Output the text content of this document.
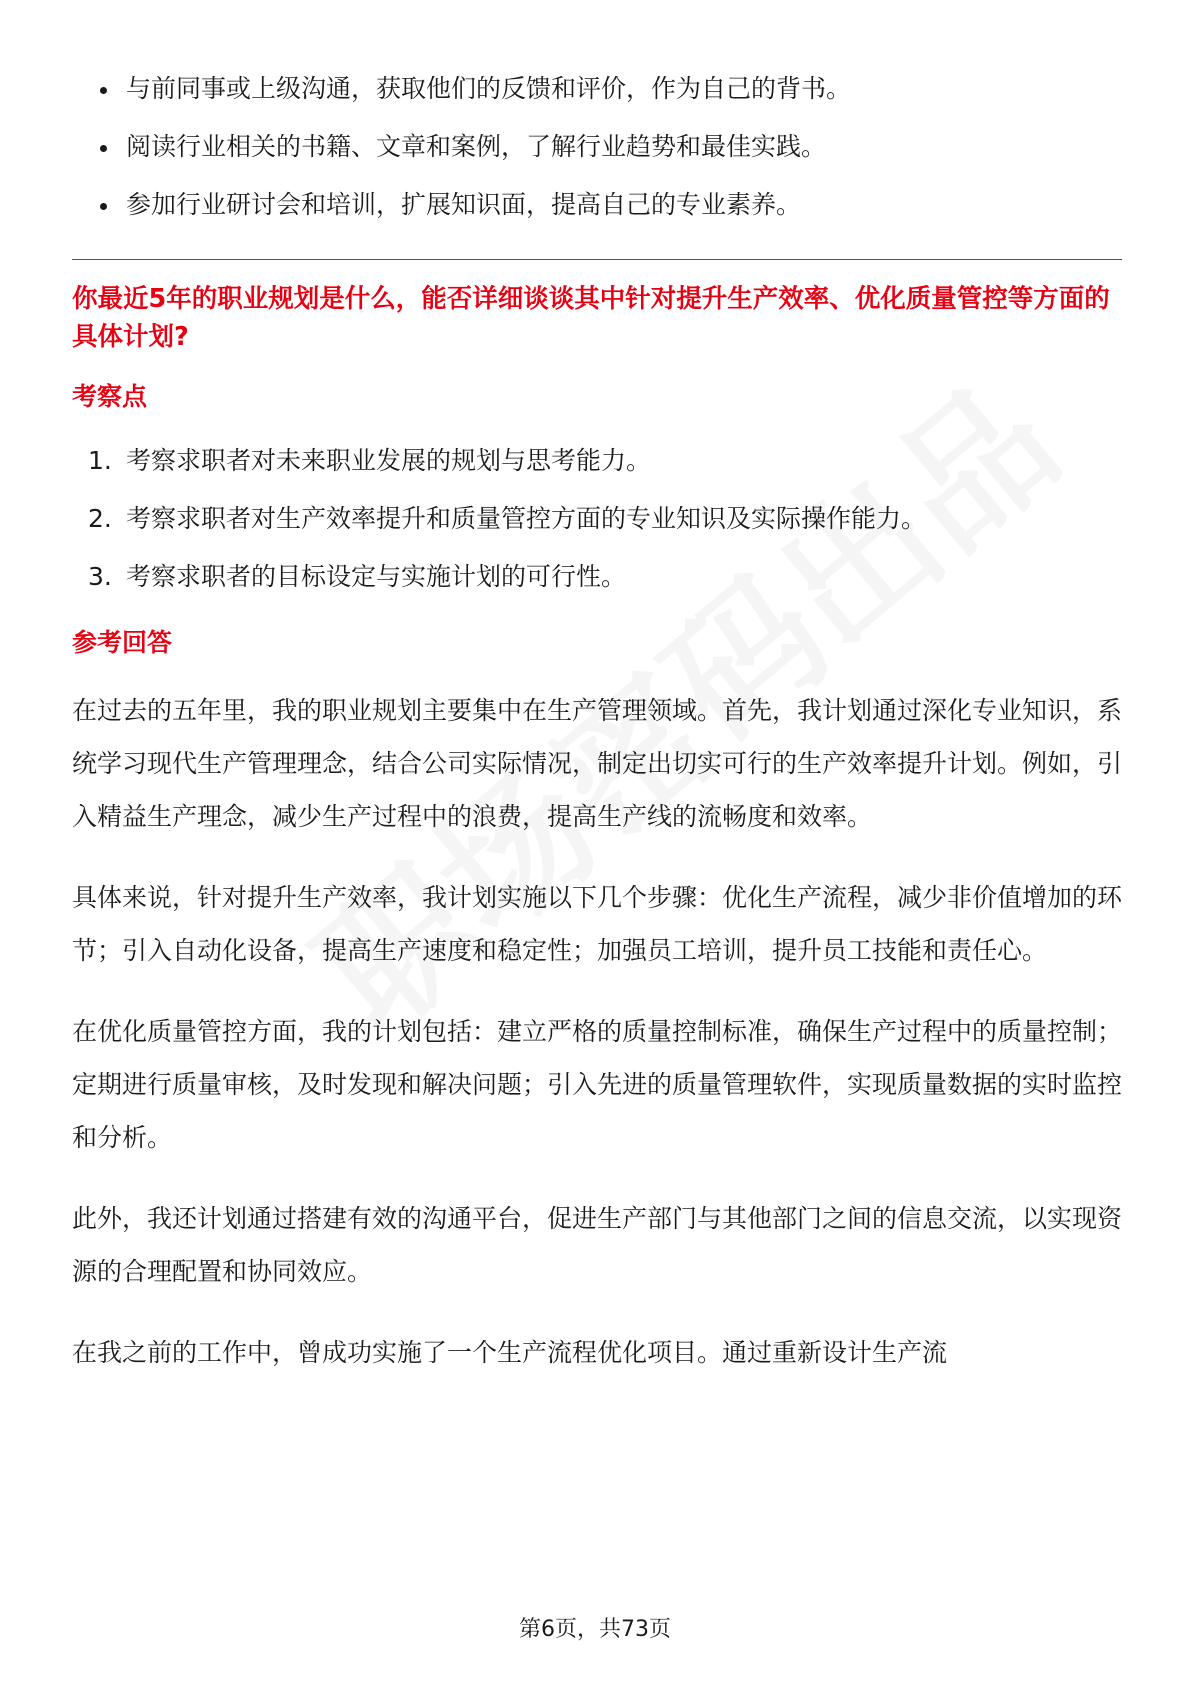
与前同事或上级沟通，获取他们的反馈和评价，作为自己的背书。
阅读行业相关的书籍、文章和案例，了解行业趋势和最佳实践。
参加行业研讨会和培训，扩展知识面，提高自己的专业素养。

你最近5年的职业规划是什么，能否详细谈谈其中针对提升生产效率、优化质量管控等方面的具体计划?

考察点
1. 考察求职者对未来职业发展的规划与思考能力。
2. 考察求职者对生产效率提升和质量管控方面的专业知识及实际操作能力。
3. 考察求职者的目标设定与实施计划的可行性。
参考回答

在过去的五年里，我的职业规划主要集中在生产管理领域。首先，我计划通过深化专业知识，系统学习现代生产管理理念，结合公司实际情况，制定出切实可行的生产效率提升计划。例如，引入精益生产理念，减少生产过程中的浪费，提高生产线的流畅度和效率。

具体来说，针对提升生产效率，我计划实施以下几个步骤：优化生产流程，减少非价值增加的环节；引入自动化设备，提高生产速度和稳定性；加强员工培训，提升员工技能和责任心。

在优化质量管控方面，我的计划包括：建立严格的质量控制标准，确保生产过程中的质量控制；定期进行质量审核，及时发现和解决问题；引入先进的质量管理软件，实现质量数据的实时监控和分析。

此外，我还计划通过搭建有效的沟通平台，促进生产部门与其他部门之间的信息交流，以实现资源的合理配置和协同效应。

在我之前的工作中，曾成功实施了一个生产流程优化项目。通过重新设计生产流

第6页，共73页
